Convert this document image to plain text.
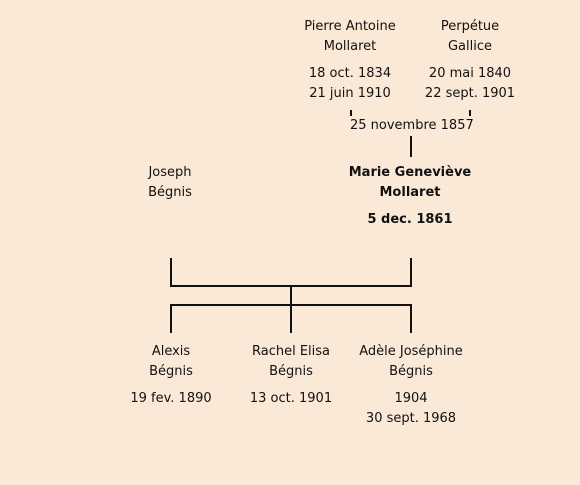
Pierre Antoine
Mollaret
18 oct. 1834
21 juin 1910
Perpétue
Gallice
20 mai 1840
22 sept. 1901
25 novembre 1857
Joseph
Bégnis
Marie Geneviève
Mollaret
5 dec. 1861
Alexis
Bégnis
19 fev. 1890
Rachel Elisa
Bégnis
13 oct. 1901
Adèle Joséphine
Bégnis
1904
30 sept. 1968
